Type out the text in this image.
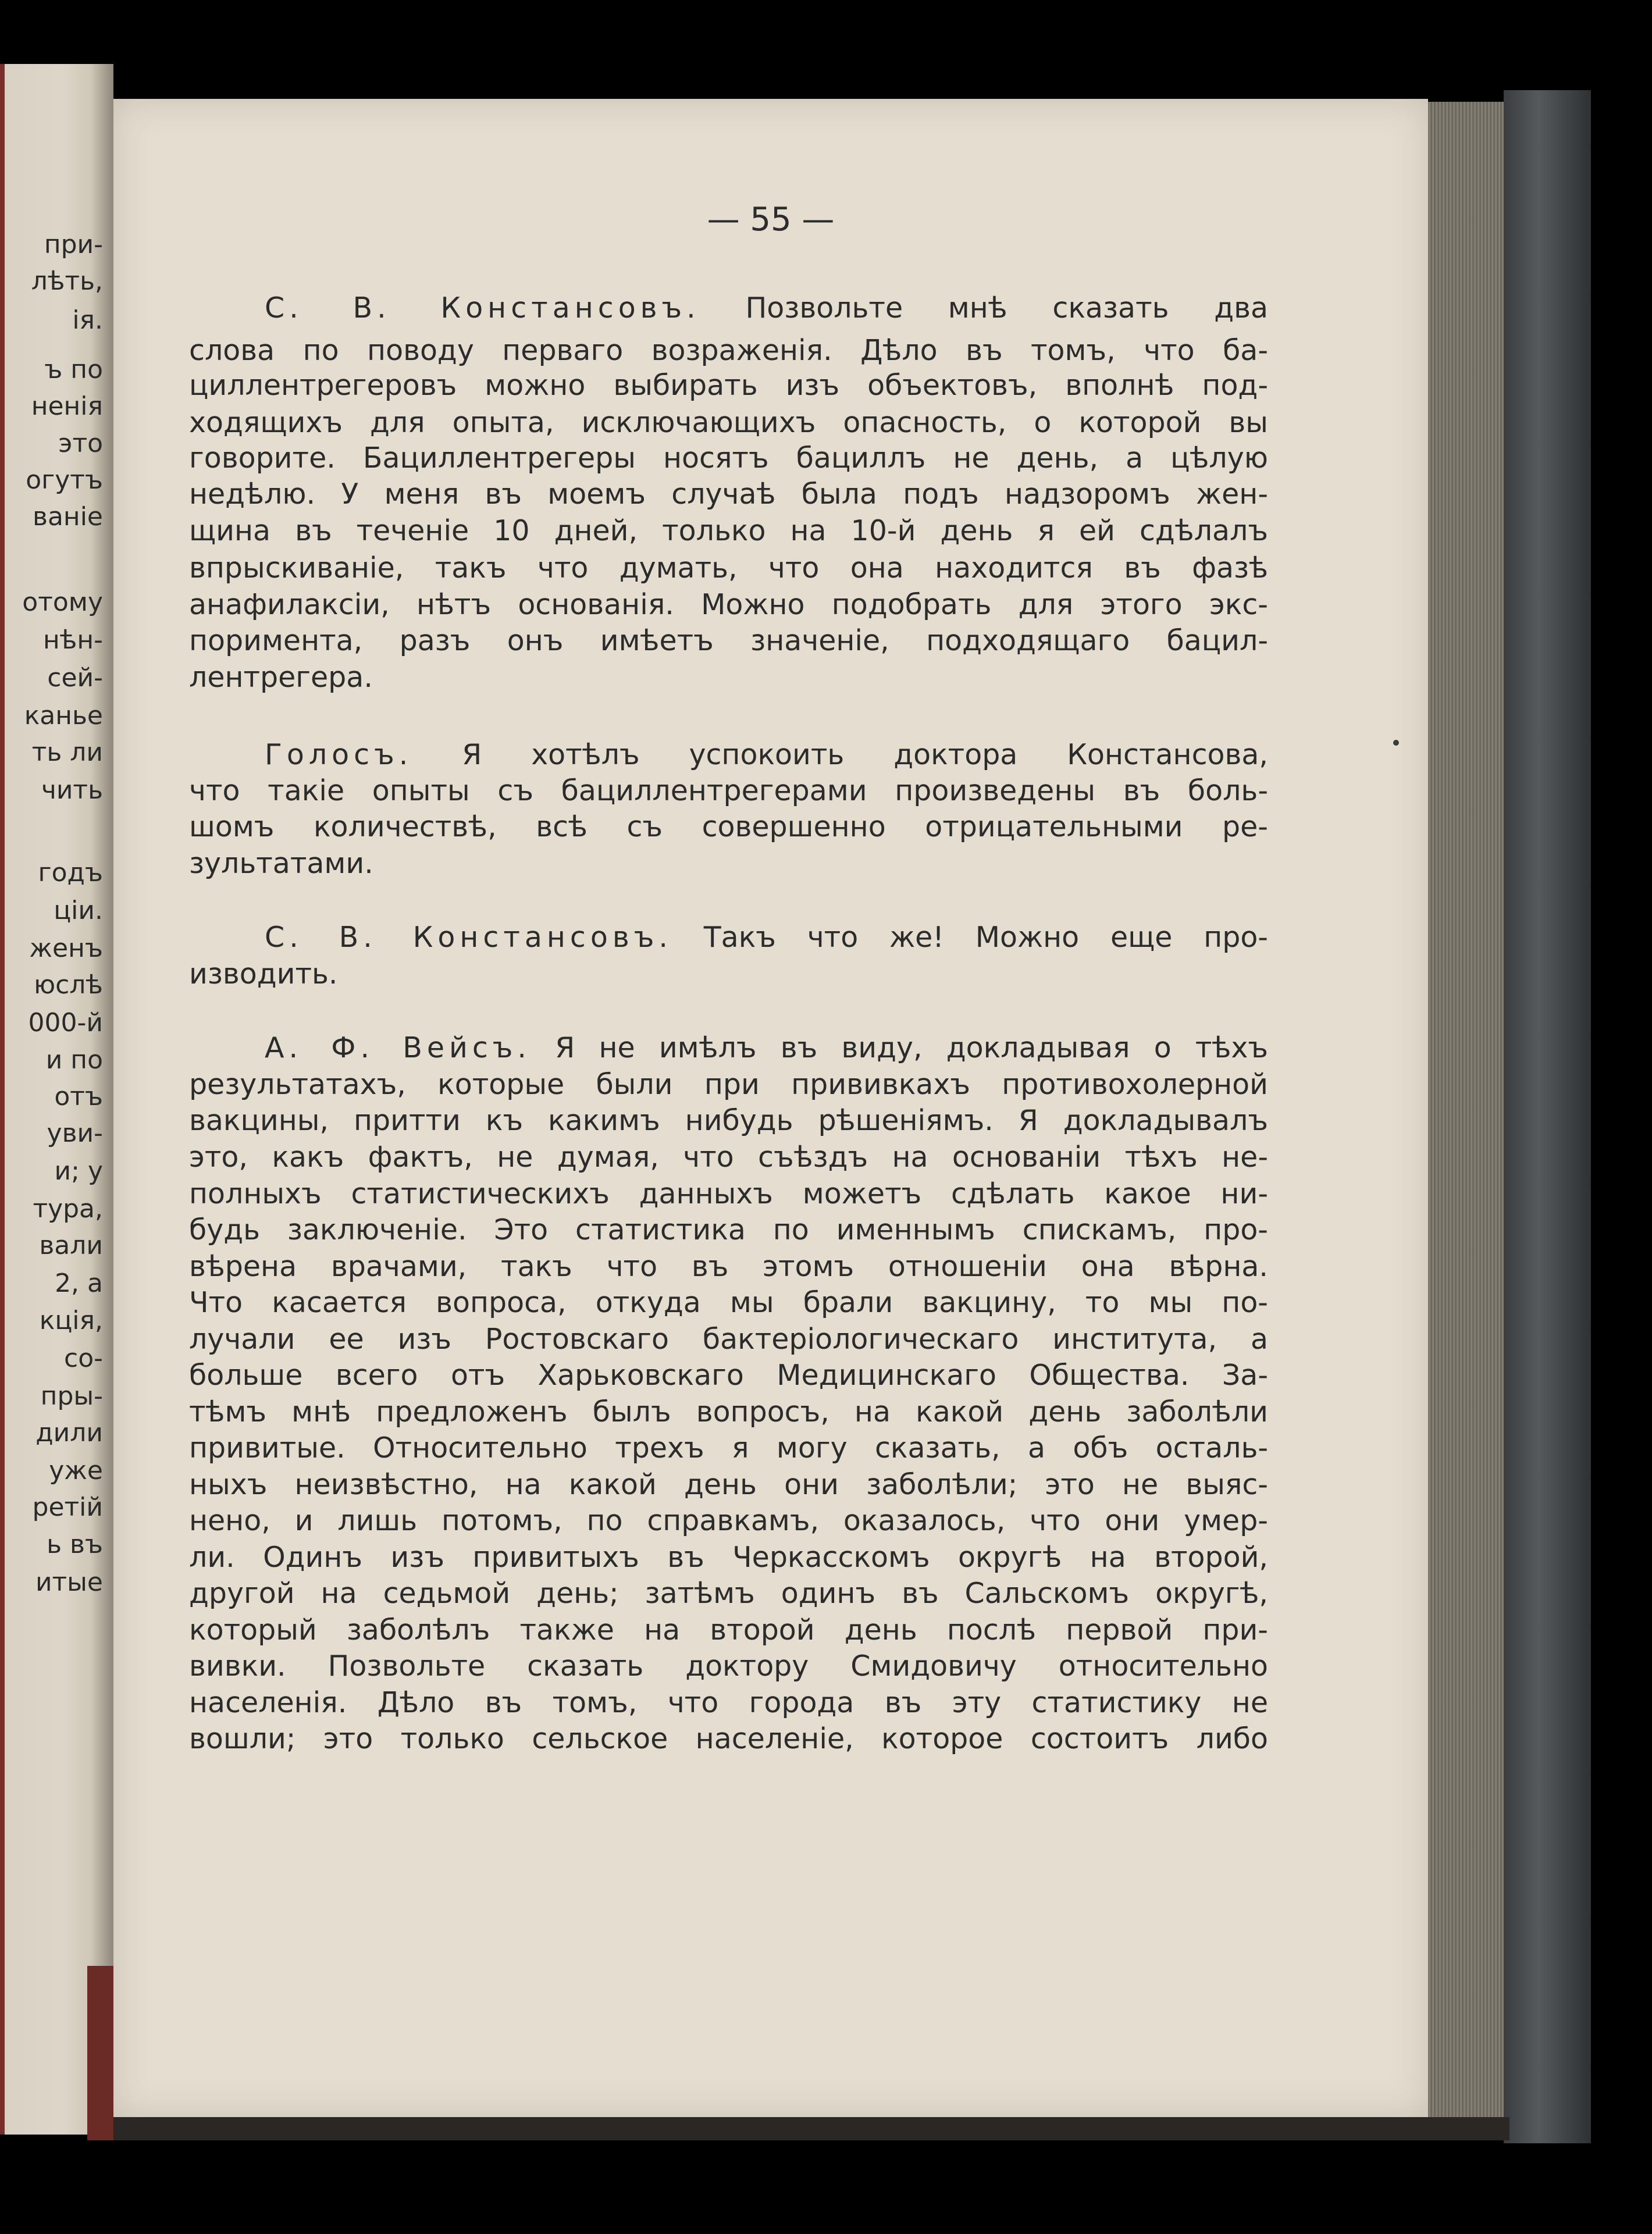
при-
лѣть,
ія.
ъ по
ненія
это
огутъ
ваніе
отому
нѣн-
сей-
канье
ть ли
чить
годъ
ціи.
женъ
юслѣ
000-й
и по
отъ
уви-
и; у
тура,
вали
2, а
кція,
со-
пры-
дили
уже
ретій
ь въ
итые
— 55 —
С. В. Констансовъ. Позвольте мнѣ сказать два
слова по поводу перваго возраженія. Дѣло въ томъ, что ба-
циллентрегеровъ можно выбирать изъ объектовъ, вполнѣ под-
ходящихъ для опыта, исключающихъ опасность, о которой вы
говорите. Бациллентрегеры носятъ бациллъ не день, а цѣлую
недѣлю. У меня въ моемъ случаѣ была подъ надзоромъ жен-
щина въ теченіе 10 дней, только на 10-й день я ей сдѣлалъ
впрыскиваніе, такъ что думать, что она находится въ фазѣ
анафилаксіи, нѣтъ основанія. Можно подобрать для этого экс-
поримента, разъ онъ имѣетъ значеніе, подходящаго бацил-
лентрегера.
Голосъ. Я хотѣлъ успокоить доктора Констансова,
что такіе опыты съ бациллентрегерами произведены въ боль-
шомъ количествѣ, всѣ съ совершенно отрицательными ре-
зультатами.
С. В. Констансовъ. Такъ что же! Можно еще про-
изводить.
А. Ф. Вейсъ. Я не имѣлъ въ виду, докладывая о тѣхъ
результатахъ, которые были при прививкахъ противохолерной
вакцины, притти къ какимъ нибудь рѣшеніямъ. Я докладывалъ
это, какъ фактъ, не думая, что съѣздъ на основаніи тѣхъ не-
полныхъ статистическихъ данныхъ можетъ сдѣлать какое ни-
будь заключеніе. Это статистика по именнымъ спискамъ, про-
вѣрена врачами, такъ что въ этомъ отношеніи она вѣрна.
Что касается вопроса, откуда мы брали вакцину, то мы по-
лучали ее изъ Ростовскаго бактеріологическаго института, а
больше всего отъ Харьковскаго Медицинскаго Общества. За-
тѣмъ мнѣ предложенъ былъ вопросъ, на какой день заболѣли
привитые. Относительно трехъ я могу сказать, а объ осталь-
ныхъ неизвѣстно, на какой день они заболѣли; это не выяс-
нено, и лишь потомъ, по справкамъ, оказалось, что они умер-
ли. Одинъ изъ привитыхъ въ Черкасскомъ округѣ на второй,
другой на седьмой день; затѣмъ одинъ въ Сальскомъ округѣ,
который заболѣлъ также на второй день послѣ первой при-
вивки. Позвольте сказать доктору Смидовичу относительно
населенія. Дѣло въ томъ, что города въ эту статистику не
вошли; это только сельское населеніе, которое состоитъ либо
